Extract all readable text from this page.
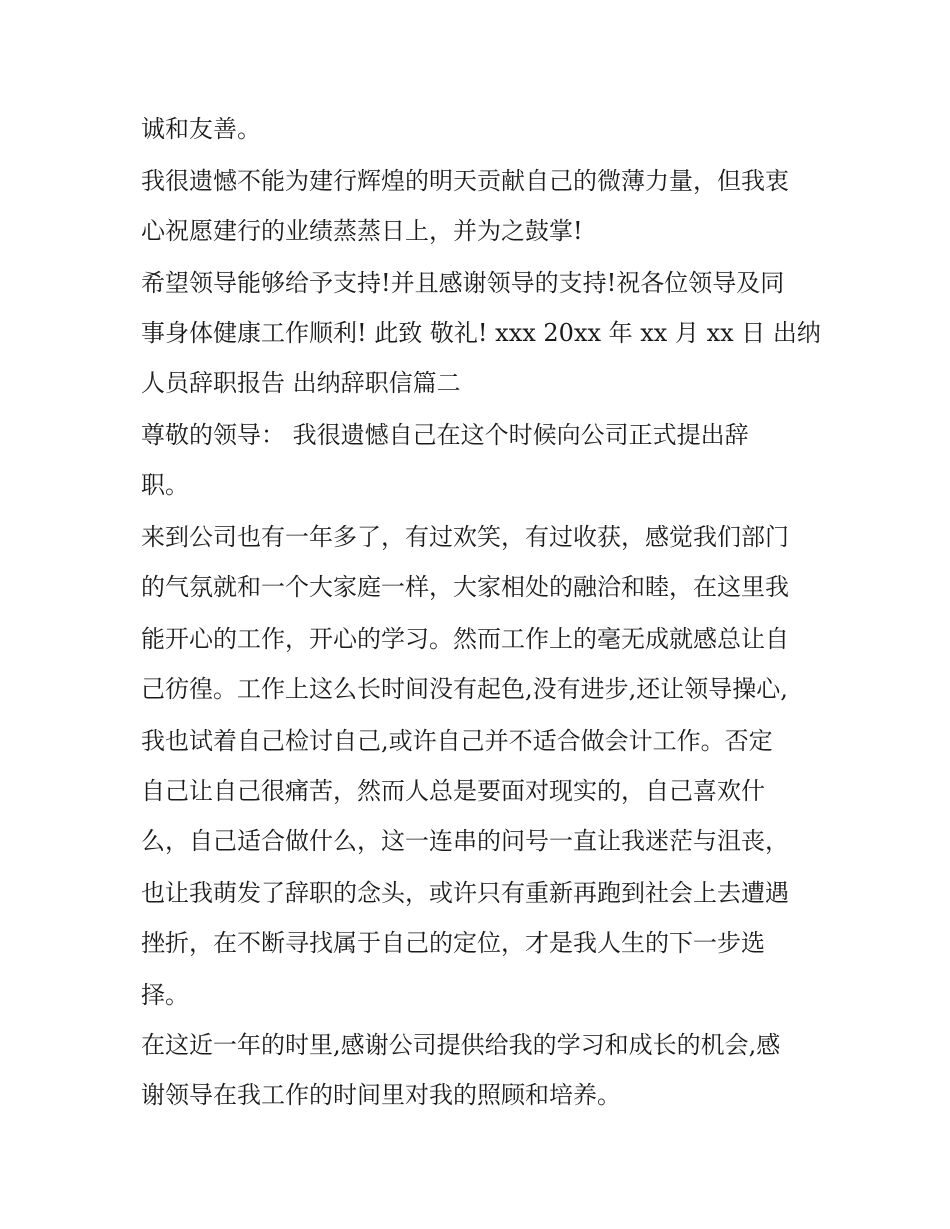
诚和友善。
我很遗憾不能为建行辉煌的明天贡献自己的微薄力量，但我衷
心祝愿建行的业绩蒸蒸日上，并为之鼓掌!
希望领导能够给予支持!并且感谢领导的支持!祝各位领导及同
事身体健康工作顺利! 此致 敬礼! xxx 20xx 年 xx 月 xx 日 出纳
人员辞职报告 出纳辞职信篇二
尊敬的领导： 我很遗憾自己在这个时候向公司正式提出辞
职。
来到公司也有一年多了，有过欢笑，有过收获，感觉我们部门
的气氛就和一个大家庭一样，大家相处的融洽和睦，在这里我
能开心的工作，开心的学习。然而工作上的毫无成就感总让自
己彷徨。工作上这么长时间没有起色,没有进步,还让领导操心,
我也试着自己检讨自己,或许自己并不适合做会计工作。否定
自己让自己很痛苦，然而人总是要面对现实的，自己喜欢什
么，自己适合做什么，这一连串的问号一直让我迷茫与沮丧，
也让我萌发了辞职的念头，或许只有重新再跑到社会上去遭遇
挫折，在不断寻找属于自己的定位，才是我人生的下一步选
择。
在这近一年的时里,感谢公司提供给我的学习和成长的机会,感
谢领导在我工作的时间里对我的照顾和培养。
